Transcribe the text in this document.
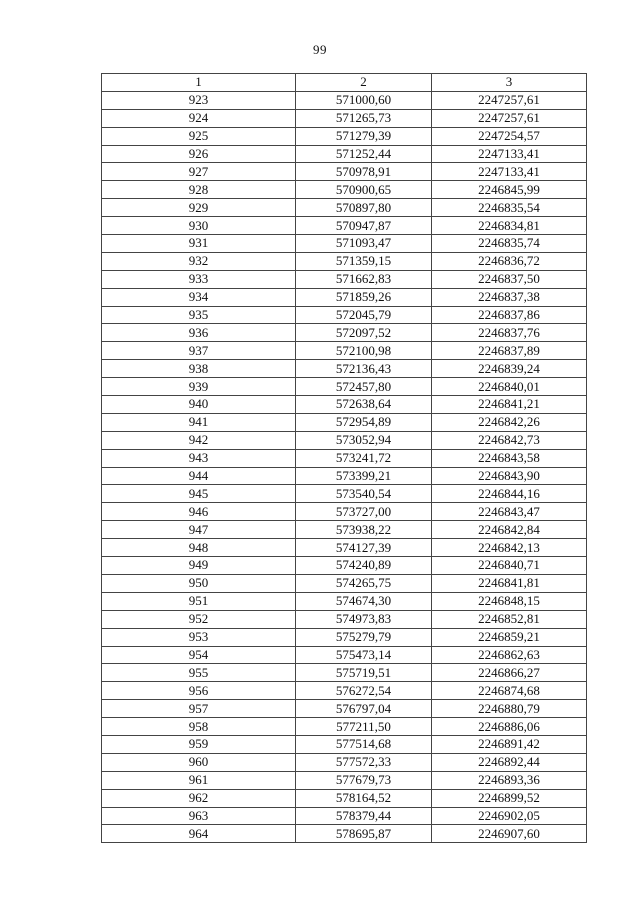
99
1	2	3
923	571000,60	2247257,61
924	571265,73	2247257,61
925	571279,39	2247254,57
926	571252,44	2247133,41
927	570978,91	2247133,41
928	570900,65	2246845,99
929	570897,80	2246835,54
930	570947,87	2246834,81
931	571093,47	2246835,74
932	571359,15	2246836,72
933	571662,83	2246837,50
934	571859,26	2246837,38
935	572045,79	2246837,86
936	572097,52	2246837,76
937	572100,98	2246837,89
938	572136,43	2246839,24
939	572457,80	2246840,01
940	572638,64	2246841,21
941	572954,89	2246842,26
942	573052,94	2246842,73
943	573241,72	2246843,58
944	573399,21	2246843,90
945	573540,54	2246844,16
946	573727,00	2246843,47
947	573938,22	2246842,84
948	574127,39	2246842,13
949	574240,89	2246840,71
950	574265,75	2246841,81
951	574674,30	2246848,15
952	574973,83	2246852,81
953	575279,79	2246859,21
954	575473,14	2246862,63
955	575719,51	2246866,27
956	576272,54	2246874,68
957	576797,04	2246880,79
958	577211,50	2246886,06
959	577514,68	2246891,42
960	577572,33	2246892,44
961	577679,73	2246893,36
962	578164,52	2246899,52
963	578379,44	2246902,05
964	578695,87	2246907,60
